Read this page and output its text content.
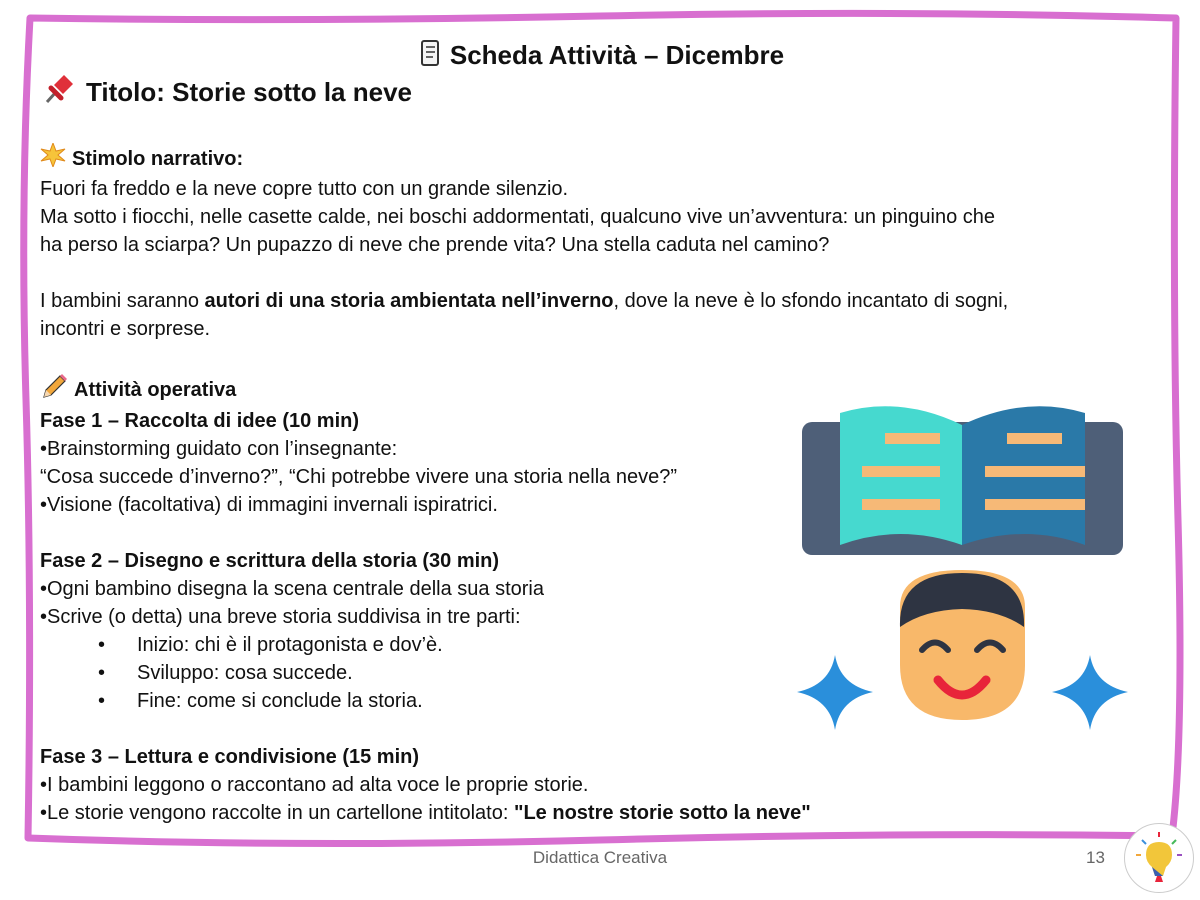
Scheda Attività – Dicembre
Titolo: Storie sotto la neve

Stimolo narrativo:

Fuori fa freddo e la neve copre tutto con un grande silenzio.

Ma sotto i fiocchi, nelle casette calde, nei boschi addormentati, qualcuno vive un’avventura: un pinguino che

ha perso la sciarpa? Un pupazzo di neve che prende vita? Una stella caduta nel camino?

I bambini saranno autori di una storia ambientata nell’inverno, dove la neve è lo sfondo incantato di sogni,

incontri e sorprese.

Attività operativa

Fase 1 – Raccolta di idee (10 min)

•Brainstorming guidato con l’insegnante:

“Cosa succede d’inverno?”, “Chi potrebbe vivere una storia nella neve?”

•Visione (facoltativa) di immagini invernali ispiratrici.

Fase 2 – Disegno e scrittura della storia (30 min)

•Ogni bambino disegna la scena centrale della sua storia

•Scrive (o detta) una breve storia suddivisa in tre parti:

• Inizio: chi è il protagonista e dov’è.
• Sviluppo: cosa succede.
• Fine: come si conclude la storia.

Fase 3 – Lettura e condivisione (15 min)

•I bambini leggono o raccontano ad alta voce le proprie storie.

•Le storie vengono raccolte in un cartellone intitolato: "Le nostre storie sotto la neve"

Didattica Creativa	13
